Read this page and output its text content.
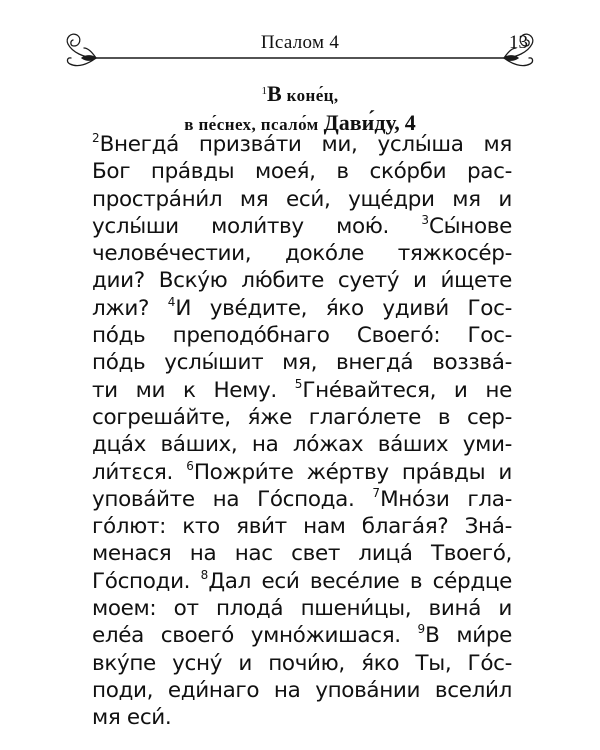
Псалом 4	13
$^1$В коне́ц,
в пе́снех, псало́м Дави́ду, 4
$^2$Внегда́ призва́ти ми, услы́ша мя
Бог пра́вды моея́, в ско́рби рас-
простра́ни́л мя еси́, уще́дри мя и
услы́ши моли́тву мою́. $^3$Сы́нове
челове́честии, доко́ле тяжкосе́р-
дии? Вску́ю лю́бите суету́ и и́щете
лжи? $^4$И уве́дите, я́ко удиви́ Гос-
по́дь преподо́бнаго Своего́: Гос-
по́дь услы́шит мя, внегда́ воззва́-
ти ми к Нему. $^5$Гне́вайтеся, и не
согреша́йте, я́же глаго́лете в сер-
дца́х ва́ших, на ло́жах ва́ших уми-
ли́тεся. $^6$Пожри́те же́ртву пра́вды и
упова́йте на Го́спода. $^7$Мно́зи гла-
го́лют: кто яви́т нам блага́я? Зна́-
менася на нас свет лица́ Твоего́,
Го́споди. $^8$Дал еси́ весе́лие в се́рдце
моем: от плода́ пшени́цы, вина́ и
еле́а своего́ умно́жишася. $^9$В ми́ре
вку́пе усну́ и почи́ю, я́ко Ты, Го́с-
поди, еди́наго на упова́нии всели́л
мя еси́.
